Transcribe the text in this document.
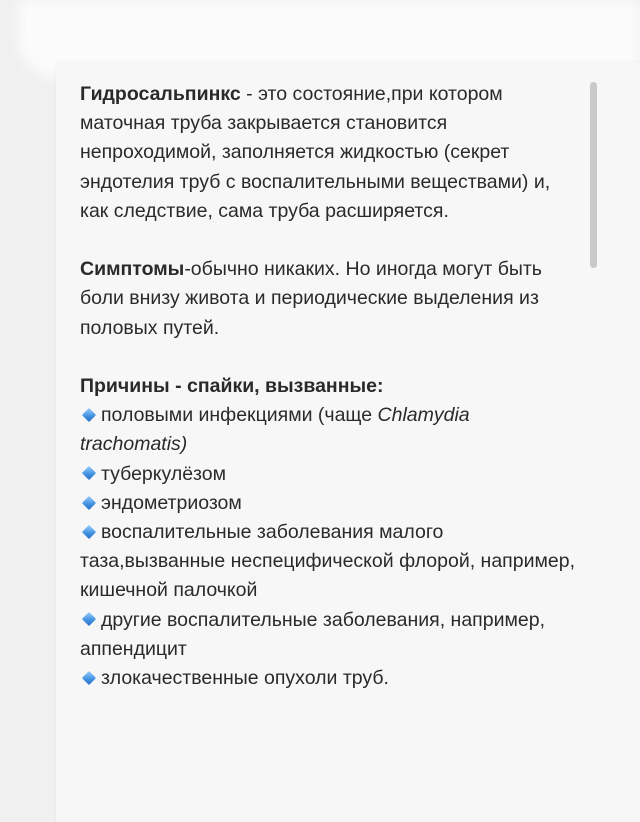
Гидросальпинкс - это состояние,при котором маточная труба закрывается становится непроходимой, заполняется жидкостью (секрет эндотелия труб с воспалительными веществами) и, как следствие, сама труба расширяется.

Симптомы-обычно никаких. Но иногда могут быть боли внизу живота и периодические выделения из половых путей.

Причины - спайки, вызванные:
половыми инфекциями (чаще Chlamydia trachomatis)
туберкулёзом
эндометриозом
воспалительные заболевания малого таза,вызванные неспецифической флорой, например, кишечной палочкой
другие воспалительные заболевания, например, аппендицит
злокачественные опухоли труб.
